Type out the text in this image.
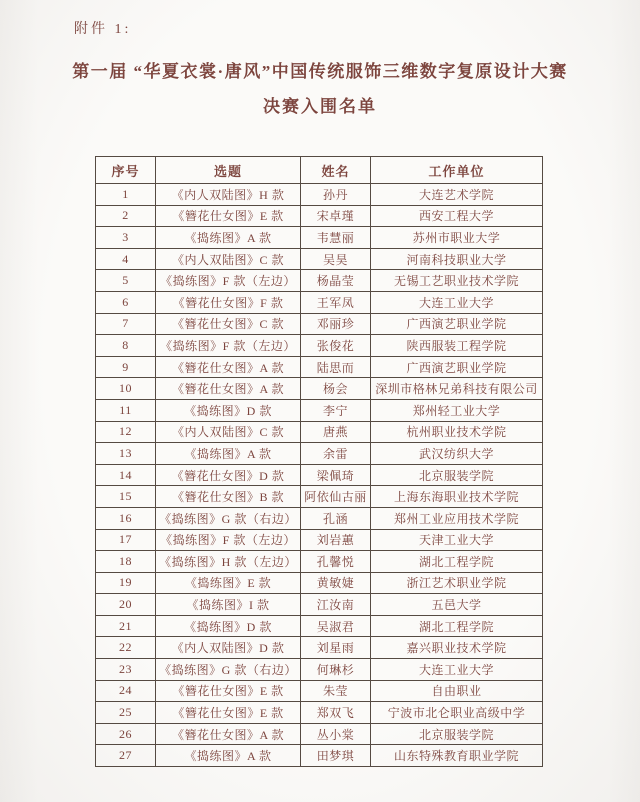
附件 1:
第一届 “华夏衣裳·唐风”中国传统服饰三维数字复原设计大赛
决赛入围名单
序号	选题	姓名	工作单位
1	《内人双陆图》H 款	孙丹	大连艺术学院
2	《簪花仕女图》E 款	宋卓瑾	西安工程大学
3	《捣练图》A 款	韦慧丽	苏州市职业大学
4	《内人双陆图》C 款	吴昊	河南科技职业大学
5	《捣练图》F 款（左边）	杨晶莹	无锡工艺职业技术学院
6	《簪花仕女图》F 款	王军凤	大连工业大学
7	《簪花仕女图》C 款	邓丽珍	广西演艺职业学院
8	《捣练图》F 款（左边）	张俊花	陕西服装工程学院
9	《簪花仕女图》A 款	陆思而	广西演艺职业学院
10	《簪花仕女图》A 款	杨会	深圳市格林兄弟科技有限公司
11	《捣练图》D 款	李宁	郑州轻工业大学
12	《内人双陆图》C 款	唐燕	杭州职业技术学院
13	《捣练图》A 款	余雷	武汉纺织大学
14	《簪花仕女图》D 款	梁佩琦	北京服装学院
15	《簪花仕女图》B 款	阿依仙古丽	上海东海职业技术学院
16	《捣练图》G 款（右边）	孔涵	郑州工业应用技术学院
17	《捣练图》F 款（左边）	刘岩蕙	天津工业大学
18	《捣练图》H 款（左边）	孔馨悦	湖北工程学院
19	《捣练图》E 款	黄敏婕	浙江艺术职业学院
20	《捣练图》I 款	江汝南	五邑大学
21	《捣练图》D 款	吴淑君	湖北工程学院
22	《内人双陆图》D 款	刘星雨	嘉兴职业技术学院
23	《捣练图》G 款（右边）	何琳杉	大连工业大学
24	《簪花仕女图》E 款	朱莹	自由职业
25	《簪花仕女图》E 款	郑双飞	宁波市北仑职业高级中学
26	《簪花仕女图》A 款	丛小棠	北京服装学院
27	《捣练图》A 款	田梦琪	山东特殊教育职业学院
